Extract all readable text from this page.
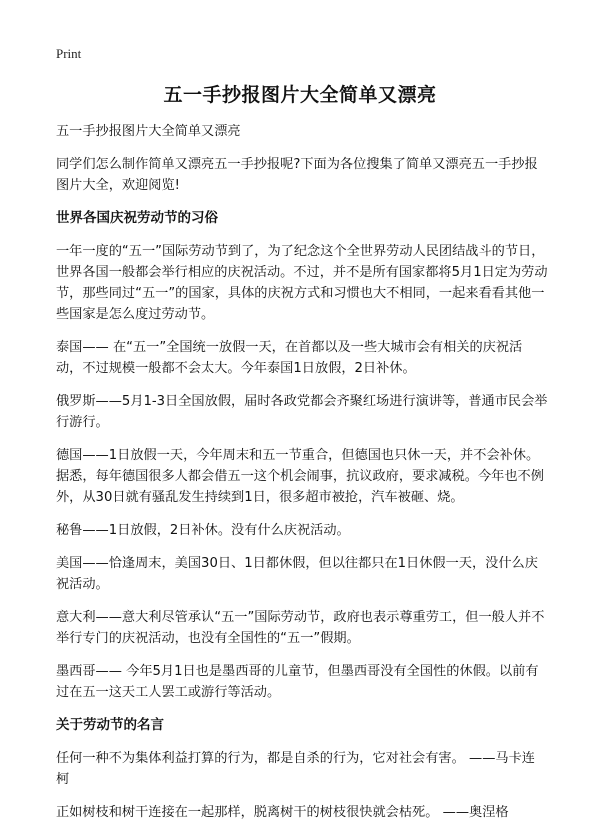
Print
五一手抄报图片大全简单又漂亮

五一手抄报图片大全简单又漂亮

同学们怎么制作简单又漂亮五一手抄报呢?下面为各位搜集了简单又漂亮五一手抄报图片大全，欢迎阅览!

世界各国庆祝劳动节的习俗

一年一度的“五一”国际劳动节到了，为了纪念这个全世界劳动人民团结战斗的节日，世界各国一般都会举行相应的庆祝活动。不过，并不是所有国家都将5月1日定为劳动节，那些同过“五一”的国家，具体的庆祝方式和习惯也大不相同，一起来看看其他一些国家是怎么度过劳动节。

泰国—— 在“五一”全国统一放假一天，在首都以及一些大城市会有相关的庆祝活动，不过规模一般都不会太大。今年泰国1日放假，2日补休。

俄罗斯——5月1-3日全国放假，届时各政党都会齐聚红场进行演讲等，普通市民会举行游行。

德国——1日放假一天，今年周末和五一节重合，但德国也只休一天，并不会补休。据悉，每年德国很多人都会借五一这个机会闹事，抗议政府，要求减税。今年也不例外，从30日就有骚乱发生持续到1日，很多超市被抢，汽车被砸、烧。

秘鲁——1日放假，2日补休。没有什么庆祝活动。

美国——恰逢周末，美国30日、1日都休假，但以往都只在1日休假一天，没什么庆祝活动。

意大利——意大利尽管承认“五一”国际劳动节，政府也表示尊重劳工，但一般人并不举行专门的庆祝活动，也没有全国性的“五一”假期。

墨西哥—— 今年5月1日也是墨西哥的儿童节，但墨西哥没有全国性的休假。以前有过在五一这天工人罢工或游行等活动。

关于劳动节的名言

任何一种不为集体利益打算的行为，都是自杀的行为，它对社会有害。 ——马卡连柯

正如树枝和树干连接在一起那样，脱离树干的树枝很快就会枯死。 ——奥涅格
